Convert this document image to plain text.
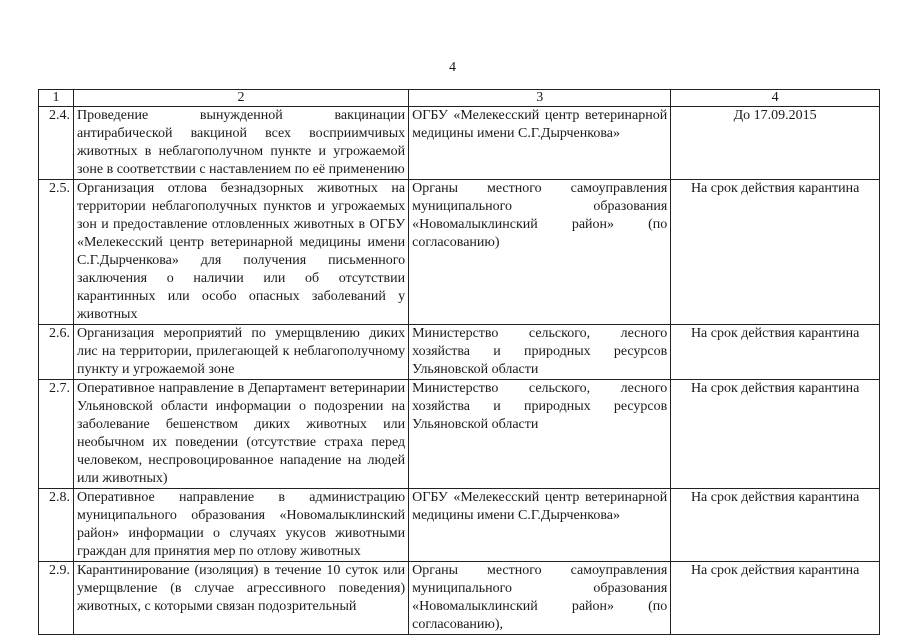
4
1	2	3	4
2.4.	Проведение вынужденной вакцинации антирабической вакциной всех восприимчивых животных в неблагополучном пункте и угрожаемой зоне в соответствии с наставлением по её применению	ОГБУ «Мелекесский центр ветеринарной медицины имени С.Г.Дырченкова»	До 17.09.2015
2.5.	Организация отлова безнадзорных животных на территории неблагополучных пунктов и угрожаемых зон и предоставление отловленных животных в ОГБУ «Мелекесский центр ветеринарной медицины имени С.Г.Дырченкова» для получения письменного заключения о наличии или об отсутствии карантинных или особо опасных заболеваний у животных	Органы местного самоуправления муниципального образования «Новомалыклинский район» (по согласованию)	На срок действия карантина
2.6.	Организация мероприятий по умерщвлению диких лис на территории, прилегающей к неблагополучному пункту и угрожаемой зоне	Министерство сельского, лесного хозяйства и природных ресурсов Ульяновской области	На срок действия карантина
2.7.	Оперативное направление в Департамент ветеринарии Ульяновской области информации о подозрении на заболевание бешенством диких животных или необычном их поведении (отсутствие страха перед человеком, неспровоцированное нападение на людей или животных)	Министерство сельского, лесного хозяйства и природных ресурсов Ульяновской области	На срок действия карантина
2.8.	Оперативное направление в администрацию муниципального образования «Новомалыклинский район» информации о случаях укусов животными граждан для принятия мер по отлову животных	ОГБУ «Мелекесский центр ветеринарной медицины имени С.Г.Дырченкова»	На срок действия карантина
2.9.	Карантинирование (изоляция) в течение 10 суток или умерщвление (в случае агрессивного поведения) животных, с которыми связан подозрительный	Органы местного самоуправления муниципального образования «Новомалыклинский район» (по согласованию),	На срок действия карантина
